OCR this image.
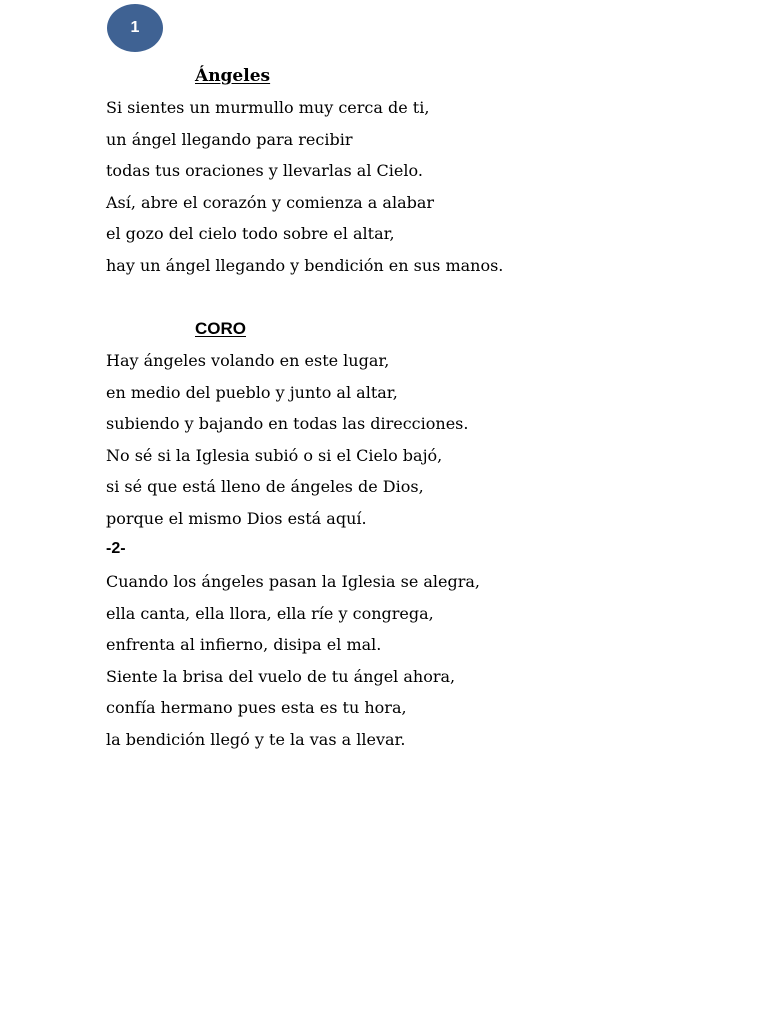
1
Ángeles
Si sientes un murmullo muy cerca de ti,
un ángel llegando para recibir
todas tus oraciones y llevarlas al Cielo.
Así, abre el corazón y comienza a alabar
el gozo del cielo todo sobre el altar,
hay un ángel llegando y bendición en sus manos.
CORO
Hay ángeles volando en este lugar,
en medio del pueblo y junto al altar,
subiendo y bajando en todas las direcciones.
No sé si la Iglesia subió o si el Cielo bajó,
si sé que está lleno de ángeles de Dios,
porque el mismo Dios está aquí.
-2-
Cuando los ángeles pasan la Iglesia se alegra,
ella canta, ella llora, ella ríe y congrega,
enfrenta al infierno, disipa el mal.
Siente la brisa del vuelo de tu ángel ahora,
confía hermano pues esta es tu hora,
la bendición llegó y te la vas a llevar.
